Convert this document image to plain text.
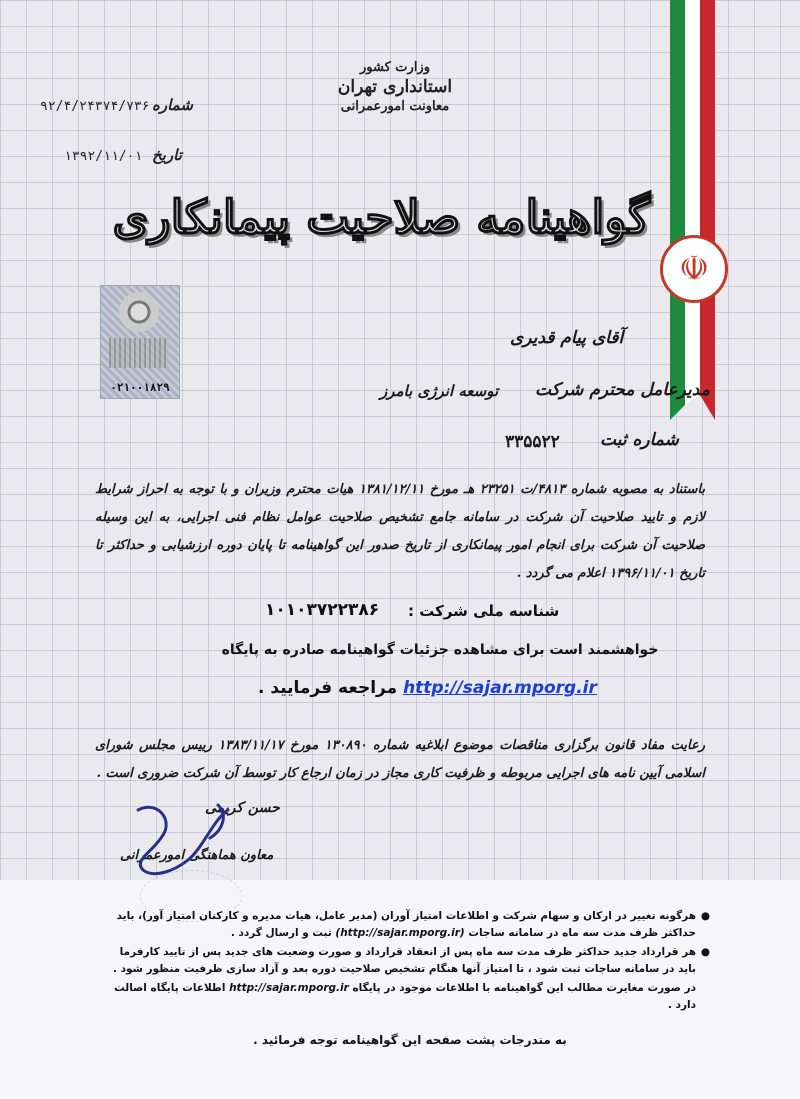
☫
وزارت کشور
استانداری تهران
معاونت امورعمرانی
شماره
۹۲/۴/۲۴۳۷۴/۷۳۶
تاریخ
۱۳۹۲/۱۱/۰۱
گواهینامه صلاحیت پیمانکاری
۰۲۱۰۰۱۸۲۹
آقای پیام قدیری
مدیرعامل محترم شرکت
توسعه انرژی بامرز
شماره ثبت
۳۳۵۵۲۲
باستناد به مصوبه شماره ۴۸۱۳/ت ۲۳۲۵۱ هـ مورخ ۱۳۸۱/۱۲/۱۱ هیات محترم وزیران و با توجه به احراز شرایط لازم و تایید صلاحیت آن شرکت در سامانه جامع تشخیص صلاحیت عوامل نظام فنی اجرایی، به این وسیله صلاحیت آن شرکت برای انجام امور پیمانکاری از تاریخ صدور این گواهینامه تا پایان دوره ارزشیابی و حداکثر تا تاریخ ۱۳۹۶/۱۱/۰۱ اعلام می گردد .
شناسه ملی شرکت :
۱۰۱۰۳۷۲۲۳۸۶
خواهشمند است برای مشاهده جزئیات گواهینامه صادره به پایگاه
http://sajar.mporg.ir مراجعه فرمایید .
رعایت مفاد قانون برگزاری مناقصات موضوع ابلاغیه شماره ۱۳۰۸۹۰ مورخ ۱۳۸۳/۱۱/۱۷ رییس مجلس شورای اسلامی آیین نامه های اجرایی مربوطه و ظرفیت کاری مجاز در زمان ارجاع کار توسط آن شرکت ضروری است .
حسن کریمی
معاون هماهنگی امورعمرانی
●
هرگونه تغییر در ارکان و سهام شرکت و اطلاعات امتیاز آوران (مدیر عامل، هیات مدیره و کارکنان امتیاز آور)، باید حداکثر ظرف مدت سه ماه در سامانه ساجات (http://sajar.mporg.ir) ثبت و ارسال گردد .
●
هر قرارداد جدید حداکثر ظرف مدت سه ماه پس از انعقاد قرارداد و صورت وضعیت های جدید پس از تایید کارفرما باید در سامانه ساجات ثبت شود ، تا امتیاز آنها هنگام تشخیص صلاحیت دوره بعد و آزاد سازی ظرفیت منظور شود .
در صورت مغایرت مطالب این گواهینامه با اطلاعات موجود در پایگاه http://sajar.mporg.ir اطلاعات پایگاه اصالت دارد .
به مندرجات پشت صفحه این گواهینامه توجه فرمائید .
